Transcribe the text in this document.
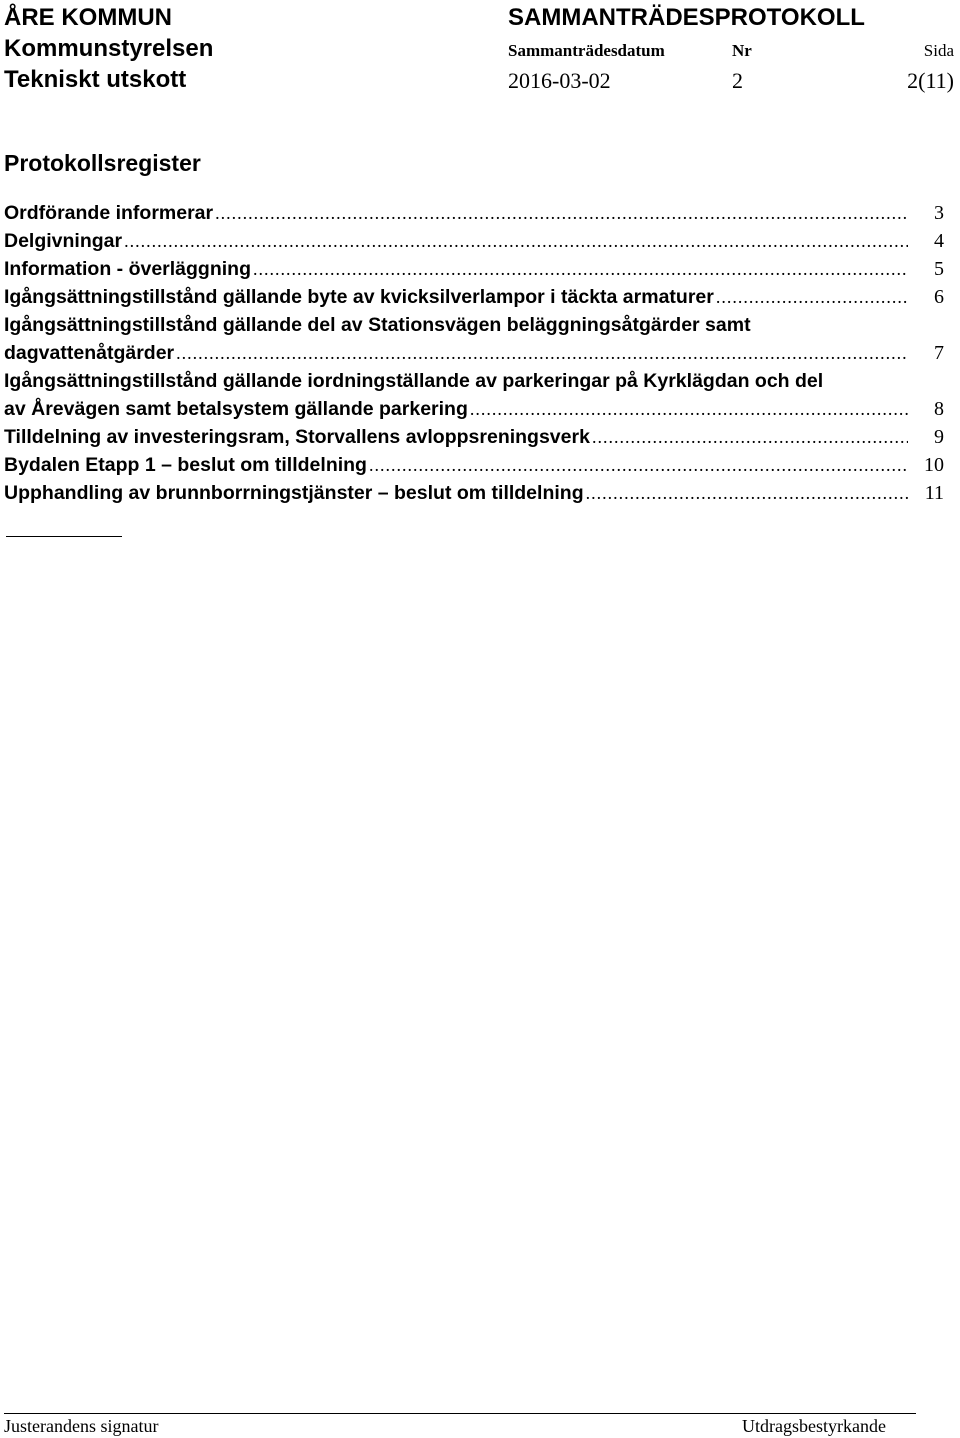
ÅRE KOMMUN
Kommunstyrelsen
Tekniskt utskott
SAMMANTRÄDESPROTOKOLL
Sammanträdesdatum	Nr	Sida
2016-03-02	2	2(11)
Protokollsregister
Ordförande informerar .....	3
Delgivningar .....	4
Information - överläggning .....	5
Igångsättningstillstånd gällande byte av kvicksilverlampor i täckta armaturer .....	6
Igångsättningstillstånd gällande del av Stationsvägen beläggningsåtgärder samt
dagvattenåtgärder .....	7
Igångsättningstillstånd gällande iordningställande av parkeringar på Kyrklägdan och del
av Årevägen samt betalsystem gällande parkering .....	8
Tilldelning av investeringsram, Storvallens avloppsreningsverk .....	9
Bydalen Etapp 1 – beslut om tilldelning .....	10
Upphandling av brunnborrningstjänster – beslut om tilldelning .....	11
Justerandens signatur	Utdragsbestyrkande
